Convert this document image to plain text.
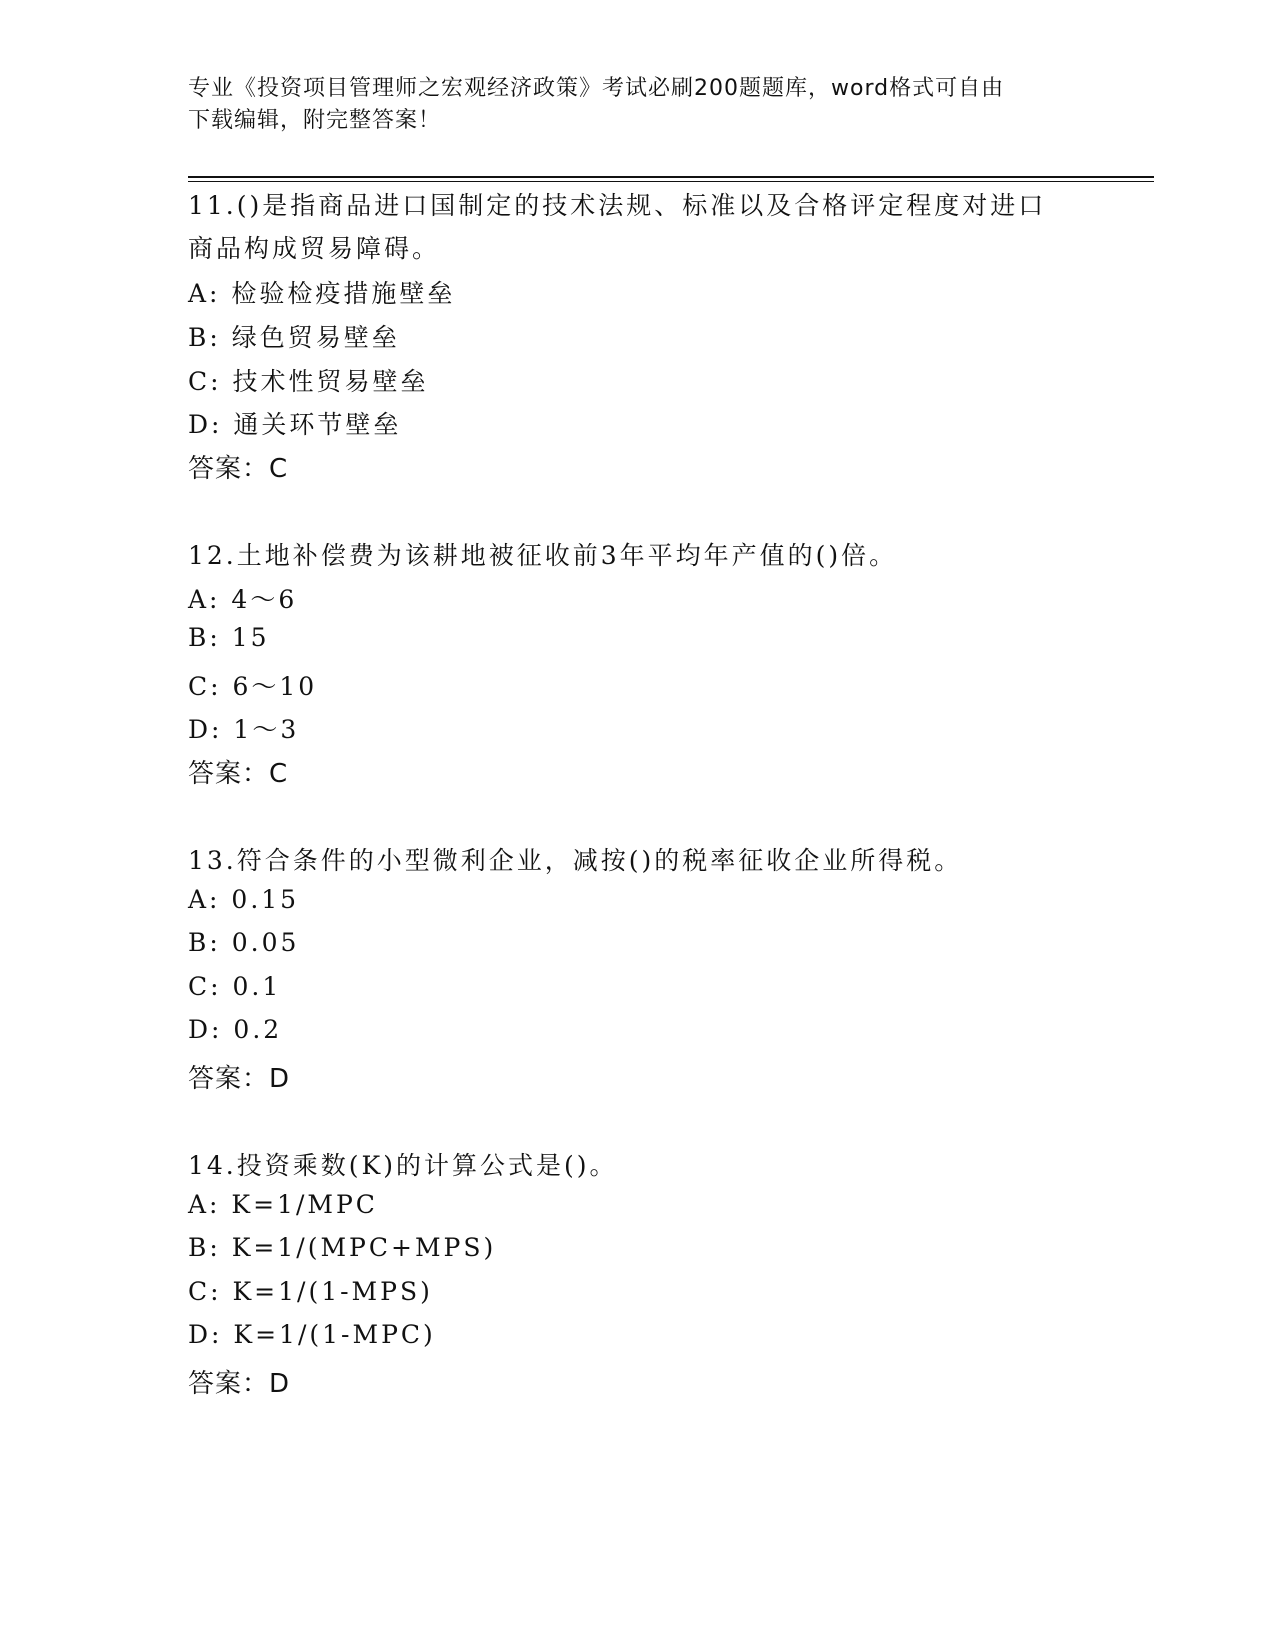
专业《投资项目管理师之宏观经济政策》考试必刷200题题库，word格式可自由
下载编辑，附完整答案！
11.()是指商品进口国制定的技术法规、标准以及合格评定程度对进口
商品构成贸易障碍。
A: 检验检疫措施壁垒
B: 绿色贸易壁垒
C: 技术性贸易壁垒
D: 通关环节壁垒
答案：C
12.土地补偿费为该耕地被征收前3年平均年产值的()倍。
A: 4～6
B: 15
C: 6～10
D: 1～3
答案：C
13.符合条件的小型微利企业，减按()的税率征收企业所得税。
A: 0.15
B: 0.05
C: 0.1
D: 0.2
答案：D
14.投资乘数(K)的计算公式是()。
A: K=1/MPC
B: K=1/(MPC+MPS)
C: K=1/(1-MPS)
D: K=1/(1-MPC)
答案：D
